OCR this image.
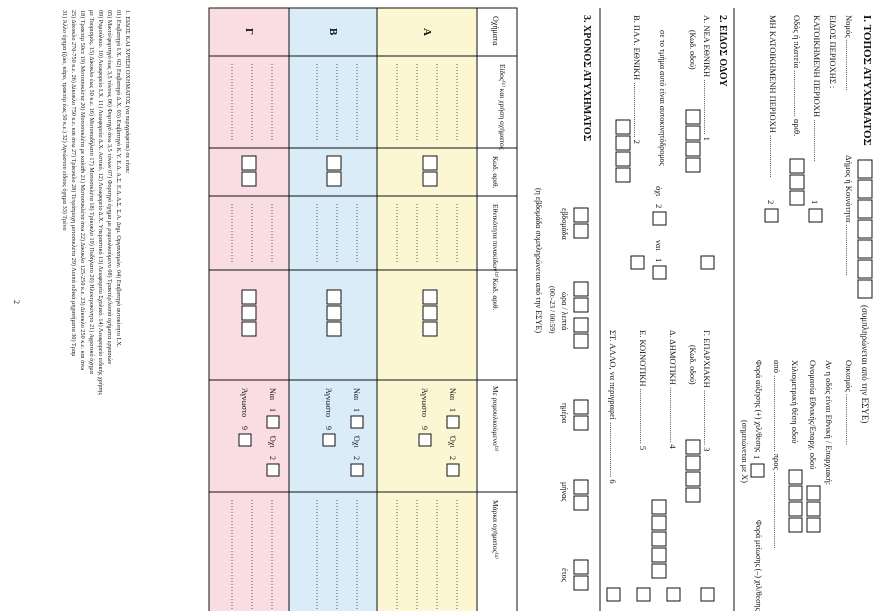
I. ΤΟΠΟΣ ΑΤΥΧΗΜΑΤΟΣ
(συμπληρώνεται από την ΕΣΥΕ)
Νομός ........................
Δήμος ή Κοινότητα ........................
Οικισμός ........................
ΕΙΔΟΣ ΠΕΡΙΟΧΗΣ :
ΚΑΤΟΙΚΗΜΕΝΗ ΠΕΡΙΟΧΗ ....................
1
Οδός ή πλατεία ...................... αριθ.
Αν η οδός είναι Εθνική / Επαρχιακή:
Ονομασία Εθνικής/Επαρχ. οδού
Χιλιομετρική θέση οδού
από .................................... προς ....................................
ΜΗ ΚΑΤΟΙΚΗΜΕΝΗ ΠΕΡΙΟΧΗ ....................
2
Φορά αύξησης (+) χιλ/θεσης
1
Φορά μείωσης (–) χιλ/θεσης
(σημειώνεται με Χ)
2. ΕΙΔΟΣ ΟΔΟΥ
Α. ΝΕΑ ΕΘΝΙΚΗ .......................... 1
(Κωδ. οδού)
σε το τμήμα αυτό είναι αυτοκινητόδρομος
ναι
1
όχι
2
Β. ΠΑΛ. ΕΘΝΙΚΗ .......................... 2
Γ. ΕΠΑΡΧΙΑΚΗ .......................... 3
(Κωδ. οδού)
Δ. ΔΗΜΟΤΙΚΗ .......................... 4
Ε. ΚΟΙΝΟΤΙΚΗ .......................... 5
ΣΤ. ΑΛΛΟ, να περιγραφεί .......................... 6
3. ΧΡΟΝΟΣ ΑΤΥΧΗΜΑΤΟΣ
εβδομάδα
ώρα / λεπτά
(00:-23 / 00:59)
ημέρα
μήνας
έτος
(η εβδομάδα συμπληρώνεται από την ΕΣΥΕ)
Οχήματα
Είδος⁽¹⁾ και χρήση οχήματος
Κωδ. αριθ.
Εθνικότητα πινακίδων⁽²⁾
Κωδ. αριθ.
Με ρυμουλκούμενο⁽³⁾
Μάρκα οχήματος⁽⁴⁾
Α
Β
Γ
Ναι
1
Όχι
2
Άγνωστο
9
Ναι
1
Όχι
2
Άγνωστο
9
Ναι
1
Όχι
2
Άγνωστο
9
1. ΕΙΔΟΣ ΚΑΙ ΧΡΗΣΗ ΟΧΗΜΑΤΟΣ (να περιγράφεται) σε είναι:
01) Επιβατηγό Ι.Χ. 02) Επιβατηγό Δ.Χ. 03) Επιβατηγό Κ.Υ. Ε.Δ. Α.Σ. Ε.Δ. Δ.Σ. Σ.Α. Δημ. Οργανισμών. 04) Επιβατηγό αυτοκίνητο Ι.Χ.
05) Μικτό/φορτηγό έως 3,5 τόνους 06) Φορτηγό άνω 3,5 τόνων 07) Φορτηγό όχημα με ρυμουλκούμενο 08) Τρακτέρ/λοιπά οχήματα εργασιών
09) Ρυμούλκιο. 10) Λεωφορείο Ι.Χ. 11) Λεωφορείο Δ.Χ. Αστικό. 12) Λεωφορείο Δ.Χ. Υπεραστικό 13) Λεωφορείο Σχολικό. 14) Λεωφορείο ειδικής χρήσης
με Τουρισμός. 15) Δίκυκλο έως 50 κ.ε. 16) Μοτοποδήλατο 17) Μοτοσικλέτα 18) Τρίκυκλο 19) Ποδήλατο 20) Ηλεκτροκίνητο 21) Αγροτικό όχημα
18) Τρακτέρ 50cc 19) Μοτοσυκλέτα 20) Μοτοσυκλέτα με καλάθι 21) Μοτοσυκλέτα άνω 22) Δίκυκλο 125-250 κ.ε. 23) Δίκυκλο 250 κ.ε. και άνω
25) Δίκυκλο 270-750 κ.ε. 26) Δίκυκλο 750 κ.ε. και άνω 27) Τρίκυκλο 28) Τετράτροχη μοτοσικλέτα 29) Λοιπά ειδικά μηχανήματα 30) Τραμ
31) Άλλο όχημα (ζώο, κάρο, τρακτέρ έως 50 κ.ε.) 32) Αγνώστου είδους όχημα 33) Τρένο
2
